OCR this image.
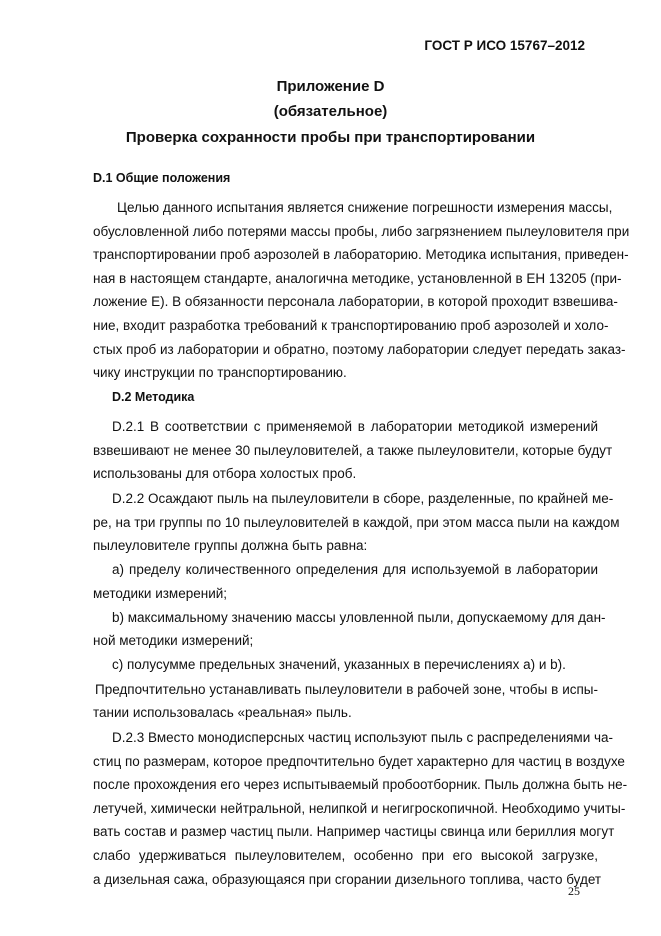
ГОСТ Р ИСО 15767–2012
Приложение D
(обязательное)
Проверка сохранности пробы при транспортировании
D.1 Общие положения
Целью данного испытания является снижение погрешности измерения массы,
обусловленной либо потерями массы пробы, либо загрязнением пылеуловителя при
транспортировании проб аэрозолей в лабораторию. Методика испытания, приведен-
ная в настоящем стандарте, аналогична методике, установленной в ЕН 13205 (при-
ложение Е). В обязанности персонала лаборатории, в которой проходит взвешива-
ние, входит разработка требований к транспортированию проб аэрозолей и холо-
стых проб из лаборатории и обратно, поэтому лаборатории следует передать заказ-
чику инструкции по транспортированию.
D.2 Методика
D.2.1 В соответствии с применяемой в лаборатории методикой измерений
взвешивают не менее 30 пылеуловителей, а также пылеуловители, которые будут
использованы для отбора холостых проб.
D.2.2 Осаждают пыль на пылеуловители в сборе, разделенные, по крайней ме-
ре, на три группы по 10 пылеуловителей в каждой, при этом масса пыли на каждом
пылеуловителе группы должна быть равна:
а) пределу количественного определения для используемой в лаборатории
методики измерений;
b) максимальному значению массы уловленной пыли, допускаемому для дан-
ной методики измерений;
с) полусумме предельных значений, указанных в перечислениях а) и b).
Предпочтительно устанавливать пылеуловители в рабочей зоне, чтобы в испы-
тании использовалась «реальная» пыль.
D.2.3 Вместо монодисперсных частиц используют пыль с распределениями ча-
стиц по размерам, которое предпочтительно будет характерно для частиц в воздухе
после прохождения его через испытываемый пробоотборник. Пыль должна быть не-
летучей, химически нейтральной, нелипкой и негигроскопичной. Необходимо учиты-
вать состав и размер частиц пыли. Например частицы свинца или бериллия могут
слабо удерживаться пылеуловителем, особенно при его высокой загрузке,
а дизельная сажа, образующаяся при сгорании дизельного топлива, часто будет
25
